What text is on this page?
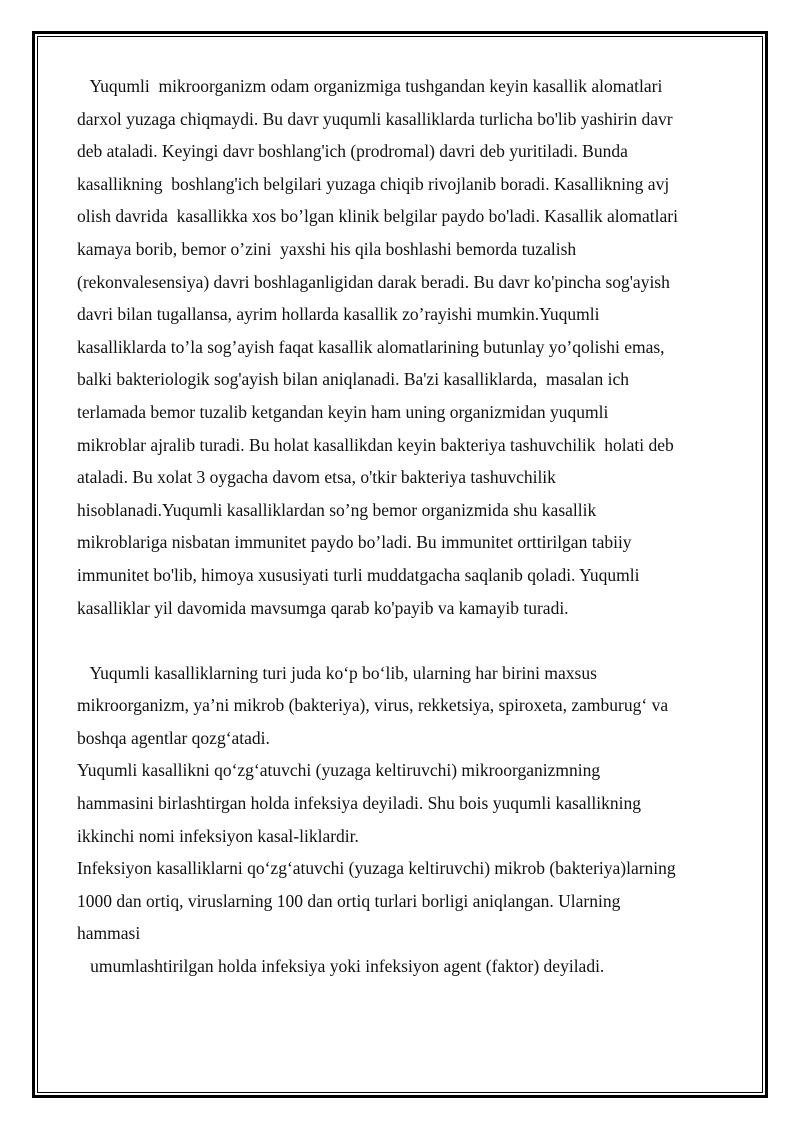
Yuqumli  mikroorganizm odam organizmiga tushgandan keyin kasallik alomatlari
darxol yuzaga chiqmaydi. Bu davr yuqumli kasalliklarda turlicha bo'lib yashirin davr
deb ataladi. Keyingi davr boshlang'ich (prodromal) davri deb yuritiladi. Bunda
kasallikning  boshlang'ich belgilari yuzaga chiqib rivojlanib boradi. Kasallikning avj
olish davrida  kasallikka xos bo’lgan klinik belgilar paydo bo'ladi. Kasallik alomatlari
kamaya borib, bemor o’zini  yaxshi his qila boshlashi bemorda tuzalish
(rekonvalesensiya) davri boshlaganligidan darak beradi. Bu davr ko'pincha sog'ayish
davri bilan tugallansa, ayrim hollarda kasallik zo’rayishi mumkin.Yuqumli
kasalliklarda to’la sog’ayish faqat kasallik alomatlarining butunlay yo’qolishi emas,
balki bakteriologik sog'ayish bilan aniqlanadi. Ba'zi kasalliklarda,  masalan ich
terlamada bemor tuzalib ketgandan keyin ham uning organizmidan yuqumli
mikroblar ajralib turadi. Bu holat kasallikdan keyin bakteriya tashuvchilik  holati deb
ataladi. Bu xolat 3 oygacha davom etsa, o'tkir bakteriya tashuvchilik
hisoblanadi.Yuqumli kasalliklardan so’ng bemor organizmida shu kasallik
mikroblariga nisbatan immunitet paydo bo’ladi. Bu immunitet orttirilgan tabiiy
immunitet bo'lib, himoya xususiyati turli muddatgacha saqlanib qoladi. Yuqumli
kasalliklar yil davomida mavsumga qarab ko'payib va kamayib turadi.
Yuqumli kasalliklarning turi juda ko‘p bo‘lib, ularning har birini maxsus
mikroorganizm, ya’ni mikrob (bakteriya), virus, rekketsiya, spiroxeta, zamburug‘ va
boshqa agentlar qozg‘atadi.
Yuqumli kasallikni qo‘zg‘atuvchi (yuzaga keltiruvchi) mikroorganizmning
hammasini birlashtirgan holda infeksiya deyiladi. Shu bois yuqumli kasallikning
ikkinchi nomi infeksiyon kasal-liklardir.
Infeksiyon kasalliklarni qo‘zg‘atuvchi (yuzaga keltiruvchi) mikrob (bakteriya)larning
1000 dan ortiq, viruslarning 100 dan ortiq turlari borligi aniqlangan. Ularning
hammasi
umumlashtirilgan holda infeksiya yoki infeksiyon agent (faktor) deyiladi.
